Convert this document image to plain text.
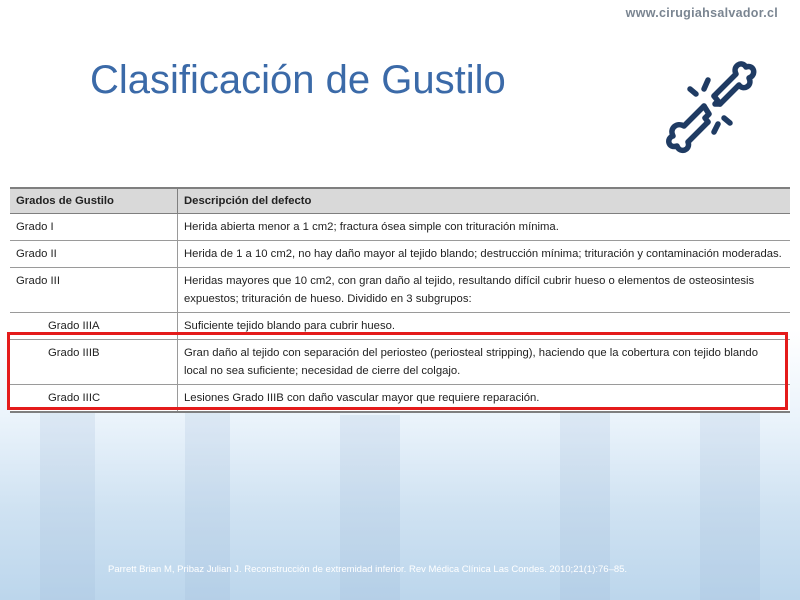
www.cirugiahsalvador.cl
Clasificación de Gustilo
Grados de Gustilo	Descripción del defecto
Grado I	Herida abierta menor a 1 cm2; fractura ósea simple con trituración mínima.
Grado II	Herida de 1 a 10 cm2, no hay daño mayor al tejido blando; destrucción mínima; trituración y contaminación moderadas.
Grado III	Heridas mayores que 10 cm2, con gran daño al tejido, resultando difícil cubrir hueso o elementos de osteosintesis expuestos; trituración de hueso. Dividido en 3 subgrupos:
Grado IIIA	Suficiente tejido blando para cubrir hueso.
Grado IIIB	Gran daño al tejido con separación del periosteo (periosteal stripping), haciendo que la cobertura con tejido blando local no sea suficiente; necesidad de cierre del colgajo.
Grado IIIC	Lesiones Grado IIIB con daño vascular mayor que requiere reparación.
Parrett Brian M, Pribaz Julian J. Reconstrucción de extremidad inferior. Rev Médica Clínica Las Condes. 2010;21(1):76–85.
